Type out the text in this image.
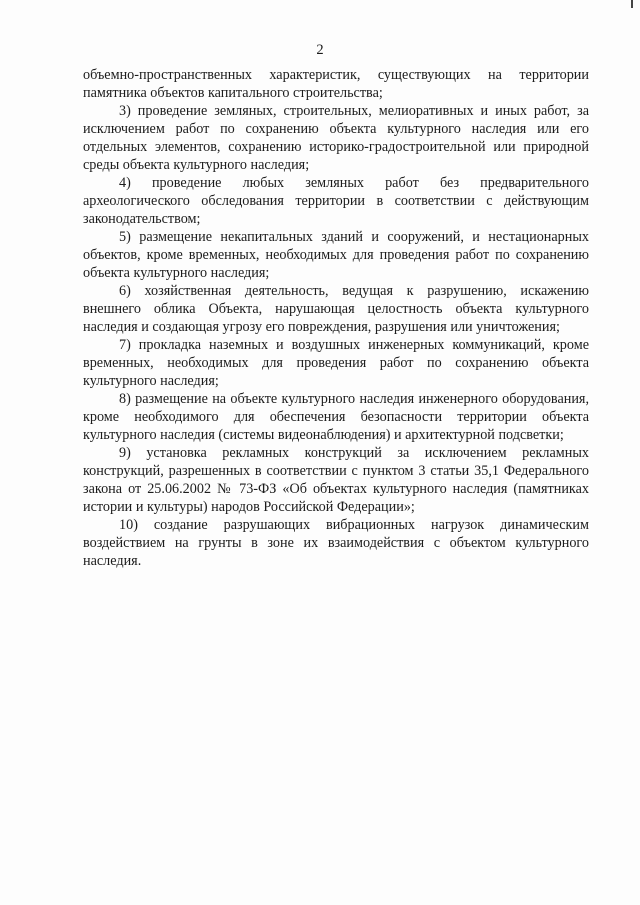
2

объемно-пространственных характеристик, существующих на территории памятника объектов капитального строительства;

3) проведение земляных, строительных, мелиоративных и иных работ, за исключением работ по сохранению объекта культурного наследия или его отдельных элементов, сохранению историко-градостроительной или природной среды объекта культурного наследия;

4) проведение любых земляных работ без предварительного археологического обследования территории в соответствии с действующим законодательством;

5) размещение некапитальных зданий и сооружений, и нестационарных объектов, кроме временных, необходимых для проведения работ по сохранению объекта культурного наследия;

6) хозяйственная деятельность, ведущая к разрушению, искажению внешнего облика Объекта, нарушающая целостность объекта культурного наследия и создающая угрозу его повреждения, разрушения или уничтожения;

7) прокладка наземных и воздушных инженерных коммуникаций, кроме временных, необходимых для проведения работ по сохранению объекта культурного наследия;

8) размещение на объекте культурного наследия инженерного оборудования, кроме необходимого для обеспечения безопасности территории объекта культурного наследия (системы видеонаблюдения) и архитектурной подсветки;

9) установка рекламных конструкций за исключением рекламных конструкций, разрешенных в соответствии с пунктом 3 статьи 35,1 Федерального закона от 25.06.2002 № 73-ФЗ «Об объектах культурного наследия (памятниках истории и культуры) народов Российской Федерации»;

10) создание разрушающих вибрационных нагрузок динамическим воздействием на грунты в зоне их взаимодействия с объектом культурного наследия.
